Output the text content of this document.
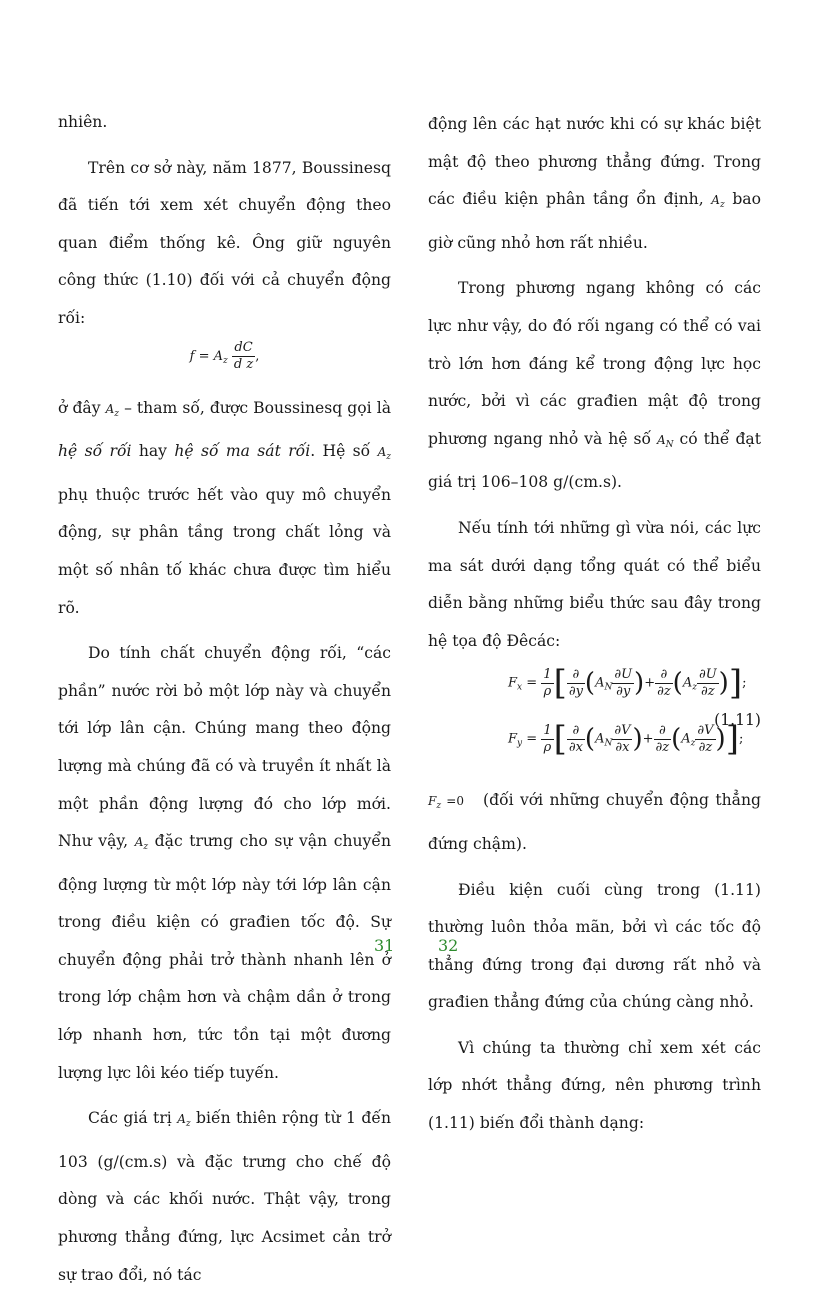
nhiên.

Trên cơ sở này, năm 1877, Boussinesq đã tiến tới xem xét chuyển động theo quan điểm thống kê. Ông giữ nguyên công thức (1.10) đối với cả chuyển động rối:

$f = A_z \frac{dC}{\text{d z}}$ ,

ở đây $A_z$ – tham số, được Boussinesq gọi là hệ số rối hay hệ số ma sát rối. Hệ số $A_z$ phụ thuộc trước hết vào quy mô chuyển động, sự phân tầng trong chất lỏng và một số nhân tố khác chưa được tìm hiểu rõ.

Do tính chất chuyển động rối, “các phần” nước rời bỏ một lớp này và chuyển tới lớp lân cận. Chúng mang theo động lượng mà chúng đã có và truyền ít nhất là một phần động lượng đó cho lớp mới. Như vậy, $A_z$ đặc trưng cho sự vận chuyển động lượng từ một lớp này tới lớp lân cận trong điều kiện có građien tốc độ. Sự chuyển động phải trở thành nhanh lên ở trong lớp chậm hơn và chậm dần ở trong lớp nhanh hơn, tức tồn tại một đương lượng lực lôi kéo tiếp tuyến.

Các giá trị $A_z$ biến thiên rộng từ 1 đến 103 (g/(cm.s) và đặc trưng cho chế độ dòng và các khối nước. Thật vậy, trong phương thẳng đứng, lực Acsimet cản trở sự trao đổi, nó tác

động lên các hạt nước khi có sự khác biệt mật độ theo phương thẳng đứng. Trong các điều kiện phân tầng ổn định, $A_z$ bao giờ cũng nhỏ hơn rất nhiều.

Trong phương ngang không có các lực như vậy, do đó rối ngang có thể có vai trò lớn hơn đáng kể trong động lực học nước, bởi vì các građien mật độ trong phương ngang nhỏ và hệ số $A_N$ có thể đạt giá trị 106–108 g/(cm.s).

Nếu tính tới những gì vừa nói, các lực ma sát dưới dạng tổng quát có thể biểu diễn bằng những biểu thức sau đây trong hệ tọa độ Đêcác:

$F_x = \frac{1}{\rho}$ [ $\frac{\partial}{\partial y} (A_N \frac{\partial U}{\partial y}$ )+ $\frac{\partial}{\partial z} (A_z \frac{\partial U}{\partial z}$ )];
$F_y = \frac{1}{\rho}$ [ $\frac{\partial}{\partial x} (A_N \frac{\partial V}{\partial x}$ )+ $\frac{\partial}{\partial z} (A_z \frac{\partial V}{\partial z}$ )];
(1.11)

$F_z =0$ (đối với những chuyển động thẳng đứng chậm).

Điều kiện cuối cùng trong (1.11) thường luôn thỏa mãn, bởi vì các tốc độ thẳng đứng trong đại dương rất nhỏ và građien thẳng đứng của chúng càng nhỏ.

Vì chúng ta thường chỉ xem xét các lớp nhớt thẳng đứng, nên phương trình (1.11) biến đổi thành dạng:

31	32
